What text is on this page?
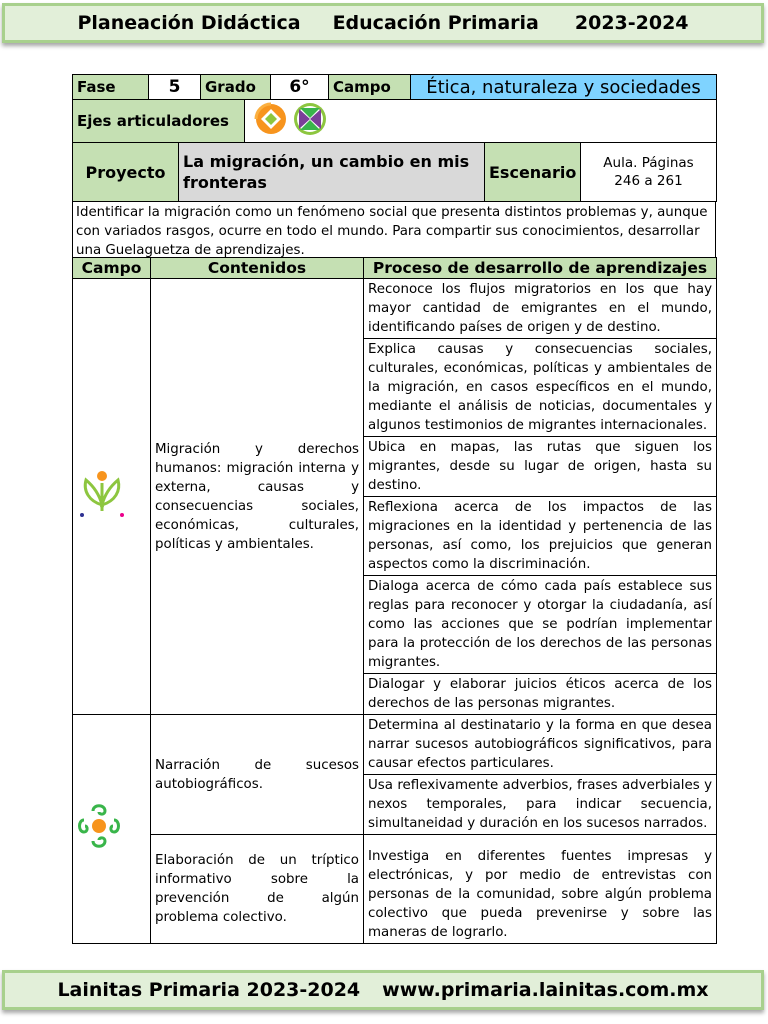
Planeación Didáctica Educación Primaria 2023-2024
Fase	5	Grado	6°	Campo	Ética, naturaleza y sociedades
Ejes articuladores	
Proyecto	La migración, un cambio en mis fronteras	Escenario	Aula. Páginas 246 a 261
Identificar la migración como un fenómeno social que presenta distintos problemas y, aunque con variados rasgos, ocurre en todo el mundo. Para compartir sus conocimientos, desarrollar una Guelaguetza de aprendizajes.
Campo	Contenidos	Proceso de desarrollo de aprendizajes
	Migración y derechos humanos: migración interna y externa, causas y consecuencias sociales, económicas, culturales, políticas y ambientales.	Reconoce los flujos migratorios en los que hay mayor cantidad de emigrantes en el mundo, identificando países de origen y de destino.
		Explica causas y consecuencias sociales, culturales, económicas, políticas y ambientales de la migración, en casos específicos en el mundo, mediante el análisis de noticias, documentales y algunos testimonios de migrantes internacionales.
		Ubica en mapas, las rutas que siguen los migrantes, desde su lugar de origen, hasta su destino.
		Reflexiona acerca de los impactos de las migraciones en la identidad y pertenencia de las personas, así como, los prejuicios que generan aspectos como la discriminación.
		Dialoga acerca de cómo cada país establece sus reglas para reconocer y otorgar la ciudadanía, así como las acciones que se podrían implementar para la protección de los derechos de las personas migrantes.
		Dialogar y elaborar juicios éticos acerca de los derechos de las personas migrantes.
	Narración de sucesos autobiográficos.	Determina al destinatario y la forma en que desea narrar sucesos autobiográficos significativos, para causar efectos particulares.
		Usa reflexivamente adverbios, frases adverbiales y nexos temporales, para indicar secuencia, simultaneidad y duración en los sucesos narrados.
	Elaboración de un tríptico informativo sobre la prevención de algún problema colectivo.	Investiga en diferentes fuentes impresas y electrónicas, y por medio de entrevistas con personas de la comunidad, sobre algún problema colectivo que pueda prevenirse y sobre las maneras de lograrlo.
Lainitas Primaria 2023-2024 www.primaria.lainitas.com.mx
